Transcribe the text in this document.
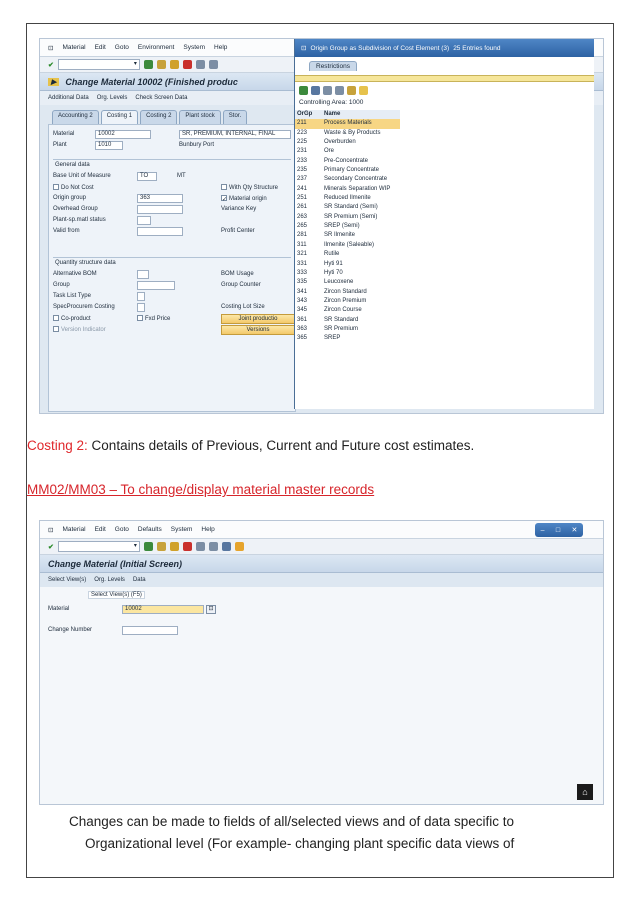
⊡ Material Edit Goto Environment System Help
✔	▾
▶	Change Material 10002 (Finished produc
Additional Data Org. Levels Check Screen Data
Accounting 2	Costing 1	Costing 2	Plant stock	Stor.
Material	10002	SR, PREMIUM, INTERNAL, FINAL
Plant	1010	Bunbury Port
General data
Base Unit of Measure	TO	MT
Do Not Cost	With Qty Structure
Origin group	363	✓ Material origin
Overhead Group	Variance Key
Plant-sp.matl status
Valid from	Profit Center
Quantity structure data
Alternative BOM	BOM Usage
Group	Group Counter
Task List Type
SpecProcurem Costing	Costing Lot Size
Co-product	Fxd Price	Joint productio
Version Indicator	Versions
⊡ Origin Group as Subdivision of Cost Element (3) 25 Entries found
Restrictions
Controlling Area: 1000
OrGp	Name
211	Process Materials
223	Waste & By Products
225	Overburden
231	Ore
233	Pre-Concentrate
235	Primary Concentrate
237	Secondary Concentrate
241	Minerals Separation WIP
251	Reduced Ilmenite
261	SR Standard (Semi)
263	SR Premium (Semi)
265	SREP (Semi)
281	SR Ilmenite
311	Ilmenite (Saleable)
321	Rutile
331	Hyti 91
333	Hyti 70
335	Leucoxene
341	Zircon Standard
343	Zircon Premium
345	Zircon Course
361	SR Standard
363	SR Premium
365	SREP
Costing 2: Contains details of Previous, Current and Future cost estimates.
MM02/MM03 – To change/display material master records
⊡ Material Edit Goto Defaults System Help	– □ ✕
✔	▾
Change Material (Initial Screen)
Select View(s) Org. Levels Data
Select View(s) (F5)
Material	10002	⊡
Change Number
⌂
Changes can be made to fields of all/selected views and of data specific to
Organizational level (For example- changing plant specific data views of
